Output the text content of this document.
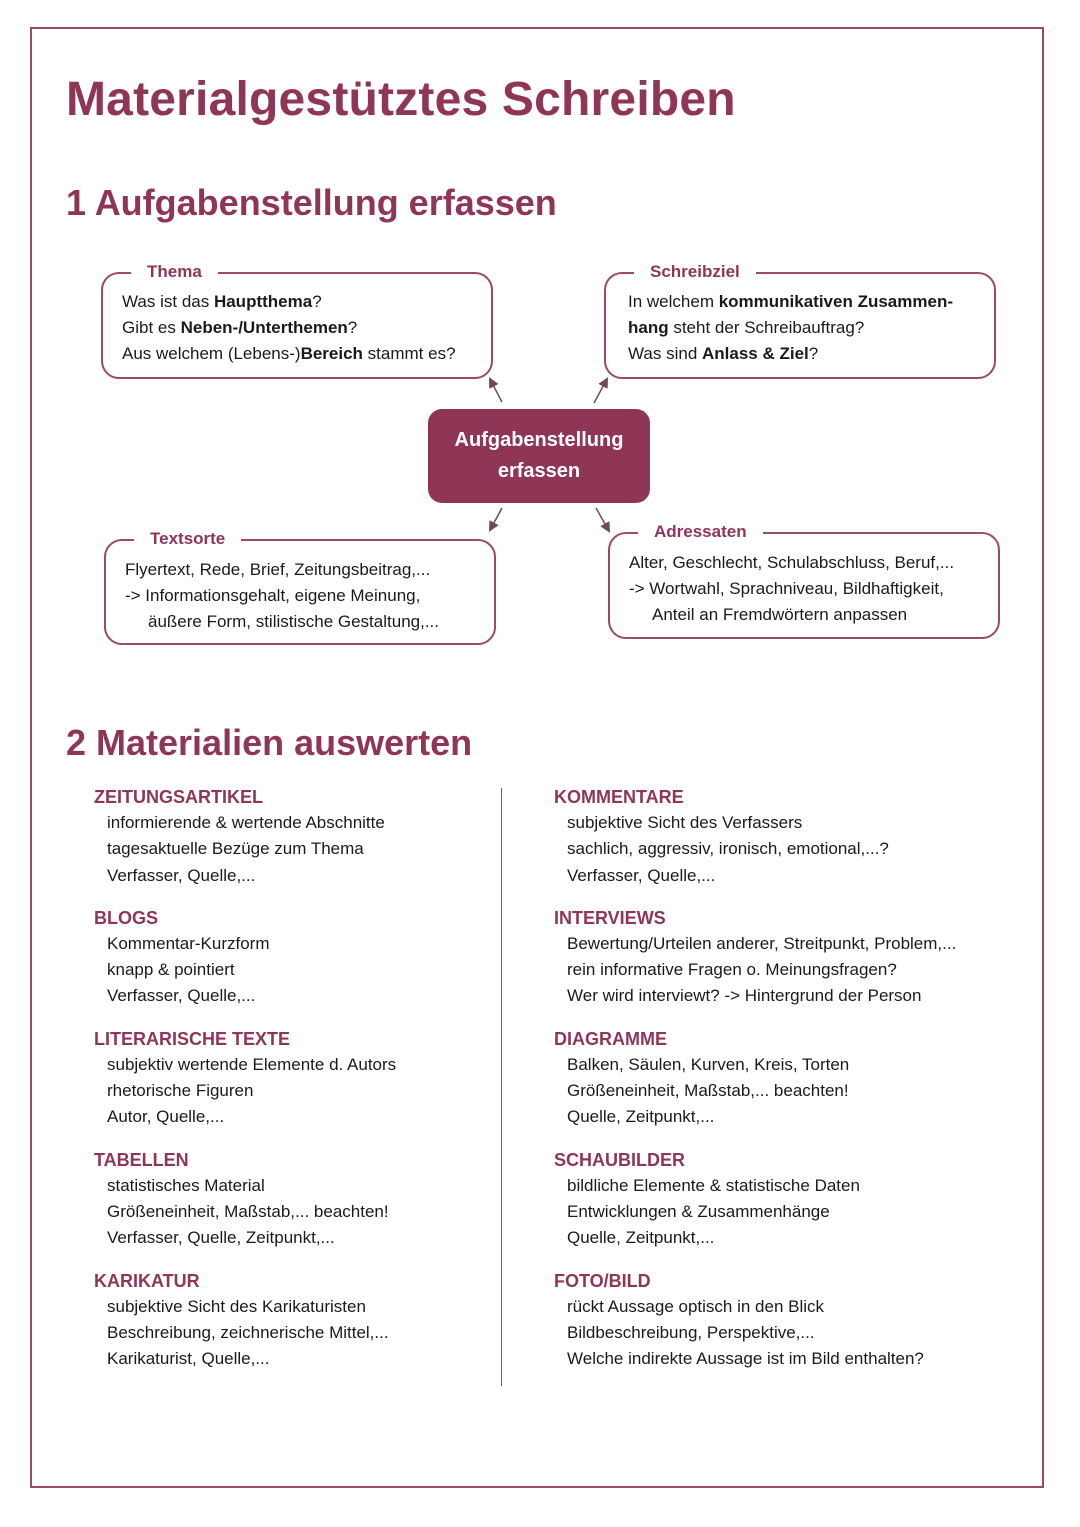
Materialgestütztes Schreiben
1 Aufgabenstellung erfassen
Thema
Was ist das Hauptthema?
Gibt es Neben-/Unterthemen?
Aus welchem (Lebens-)Bereich stammt es?
Schreibziel
In welchem kommunikativen Zusammen-
hang steht der Schreibauftrag?
Was sind Anlass & Ziel?
Aufgabenstellung
erfassen
Textsorte
Flyertext, Rede, Brief, Zeitungsbeitrag,...
-> Informationsgehalt, eigene Meinung,
äußere Form, stilistische Gestaltung,...
Adressaten
Alter, Geschlecht, Schulabschluss, Beruf,...
-> Wortwahl, Sprachniveau, Bildhaftigkeit,
Anteil an Fremdwörtern anpassen
2 Materialien auswerten
ZEITUNGSARTIKEL
informierende & wertende Abschnitte
tagesaktuelle Bezüge zum Thema
Verfasser, Quelle,...
BLOGS
Kommentar-Kurzform
knapp & pointiert
Verfasser, Quelle,...
LITERARISCHE TEXTE
subjektiv wertende Elemente d. Autors
rhetorische Figuren
Autor, Quelle,...
TABELLEN
statistisches Material
Größeneinheit, Maßstab,... beachten!
Verfasser, Quelle, Zeitpunkt,...
KARIKATUR
subjektive Sicht des Karikaturisten
Beschreibung, zeichnerische Mittel,...
Karikaturist, Quelle,...
KOMMENTARE
subjektive Sicht des Verfassers
sachlich, aggressiv, ironisch, emotional,...?
Verfasser, Quelle,...
INTERVIEWS
Bewertung/Urteilen anderer, Streitpunkt, Problem,...
rein informative Fragen o. Meinungsfragen?
Wer wird interviewt? -> Hintergrund der Person
DIAGRAMME
Balken, Säulen, Kurven, Kreis, Torten
Größeneinheit, Maßstab,... beachten!
Quelle, Zeitpunkt,...
SCHAUBILDER
bildliche Elemente & statistische Daten
Entwicklungen & Zusammenhänge
Quelle, Zeitpunkt,...
FOTO/BILD
rückt Aussage optisch in den Blick
Bildbeschreibung, Perspektive,...
Welche indirekte Aussage ist im Bild enthalten?
